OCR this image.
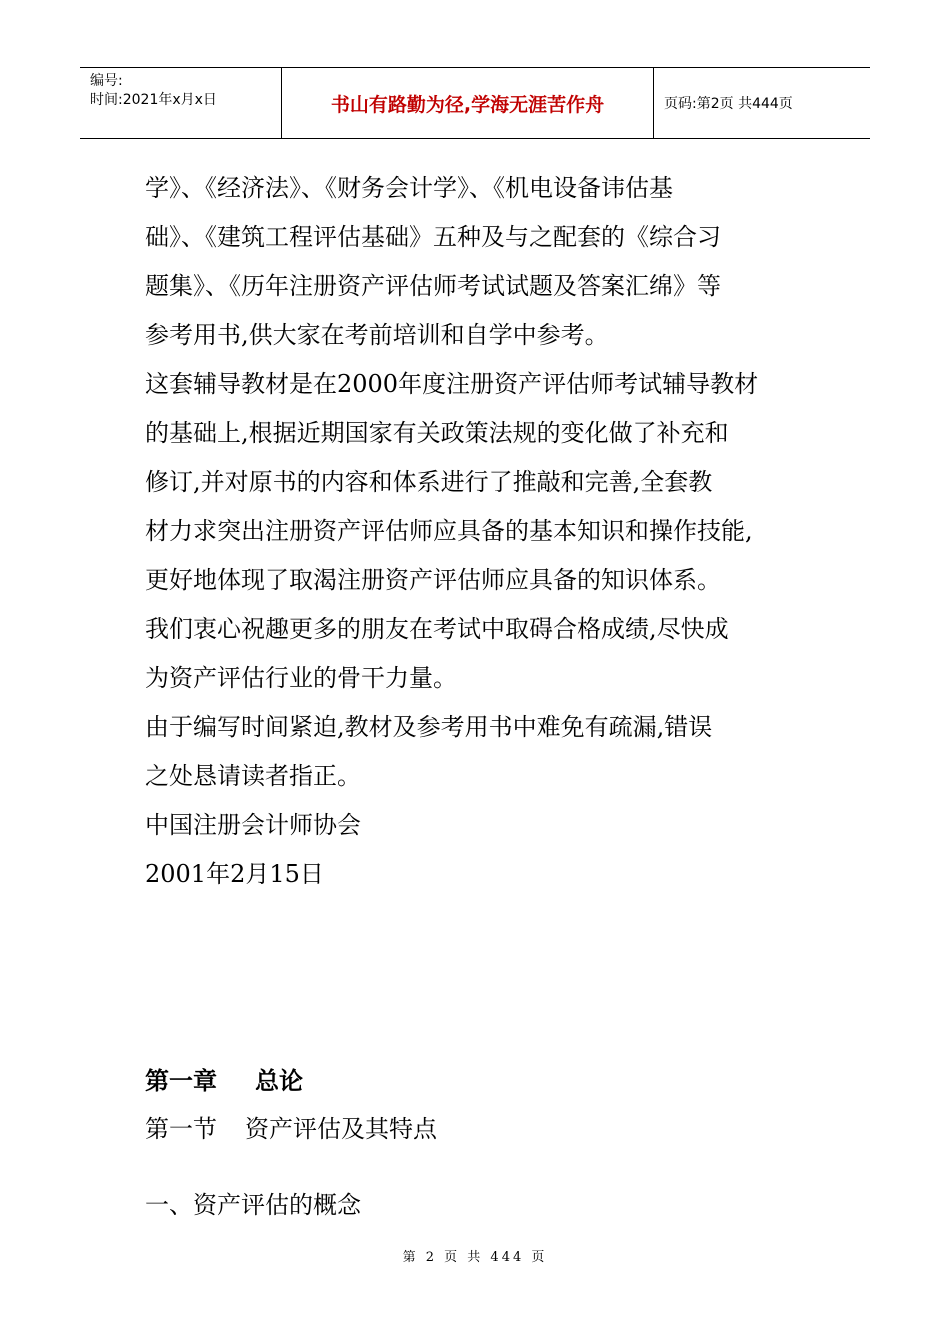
编号:
时间:2021年x月x日	书山有路勤为径,学海无涯苦作舟	页码:第2页 共444页
学》、《经济法》、《财务会计学》、《机电设备讳估基
础》、《建筑工程评估基础》五种及与之配套的《综合习
题集》、《历年注册资产评估师考试试题及答案汇绵》等
参考用书,供大家在考前培训和自学中参考。
这套辅导教材是在2000年度注册资产评估师考试辅导教材
的基础上,根据近期国家有关政策法规的变化做了补充和
修订,并对原书的内容和体系进行了推敲和完善,全套教
材力求突出注册资产评估师应具备的基本知识和操作技能,
更好地体现了取渴注册资产评估师应具备的知识体系。
我们衷心祝趣更多的朋友在考试中取碍合格成绩,尽快成
为资产评估行业的骨干力量。
由于编写时间紧迫,教材及参考用书中难免有疏漏,错误
之处恳请读者指正。
中国注册会计师协会
2001年2月15日
第一章 总论
第一节 资产评估及其特点
一、资产评估的概念
第 2 页 共 444 页
